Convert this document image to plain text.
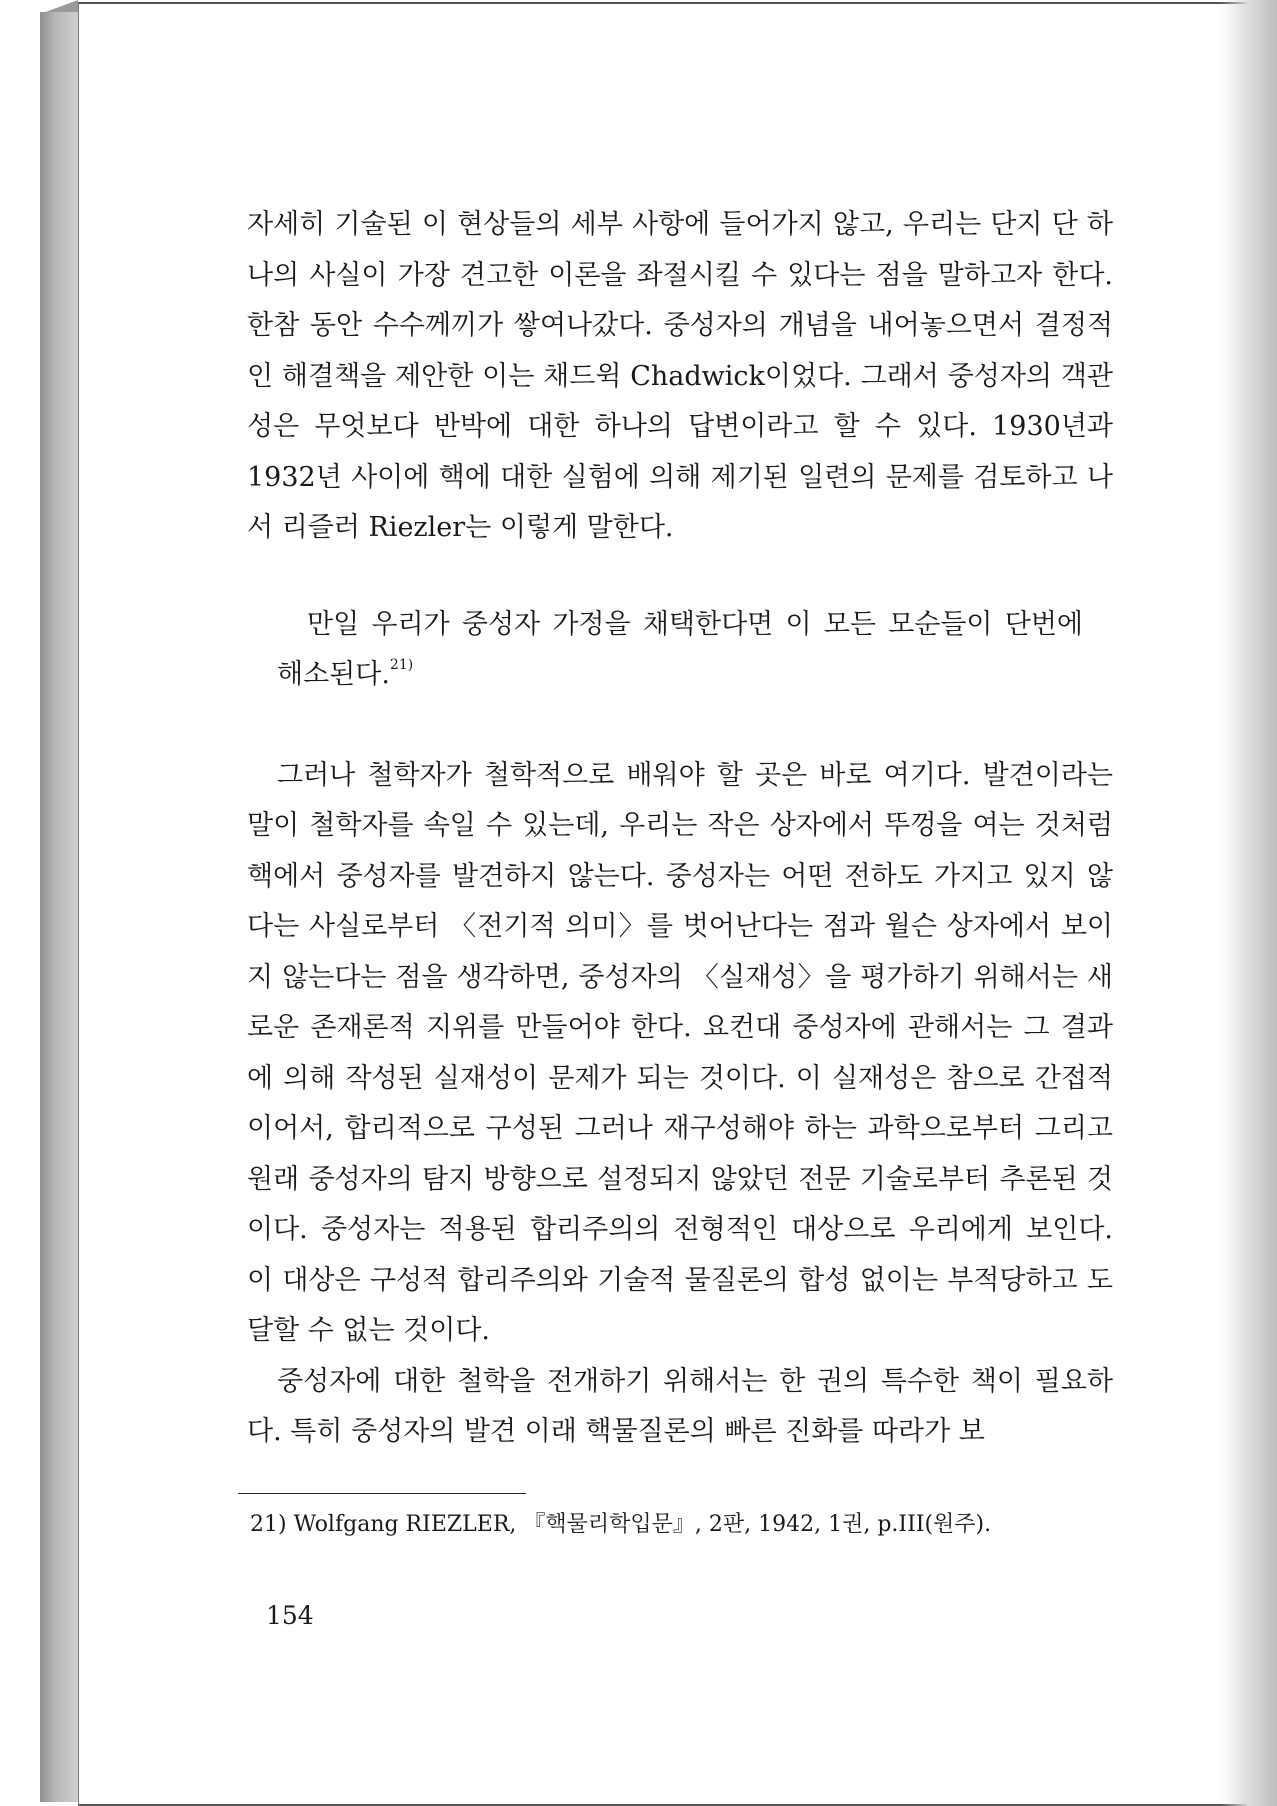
자세히 기술된 이 현상들의 세부 사항에 들어가지 않고, 우리는 단지 단 하나의 사실이 가장 견고한 이론을 좌절시킬 수 있다는 점을 말하고자 한다. 한참 동안 수수께끼가 쌓여나갔다. 중성자의 개념을 내어놓으면서 결정적인 해결책을 제안한 이는 채드윅 Chadwick이었다. 그래서 중성자의 객관성은 무엇보다 반박에 대한 하나의 답변이라고 할 수 있다. 1930년과 1932년 사이에 핵에 대한 실험에 의해 제기된 일련의 문제를 검토하고 나서 리즐러 Riezler는 이렇게 말한다.

만일 우리가 중성자 가정을 채택한다면 이 모든 모순들이 단번에 해소된다.$^{21)}$

그러나 철학자가 철학적으로 배워야 할 곳은 바로 여기다. 발견이라는 말이 철학자를 속일 수 있는데, 우리는 작은 상자에서 뚜껑을 여는 것처럼 핵에서 중성자를 발견하지 않는다. 중성자는 어떤 전하도 가지고 있지 않다는 사실로부터 〈전기적 의미〉를 벗어난다는 점과 월슨 상자에서 보이지 않는다는 점을 생각하면, 중성자의 〈실재성〉을 평가하기 위해서는 새로운 존재론적 지위를 만들어야 한다. 요컨대 중성자에 관해서는 그 결과에 의해 작성된 실재성이 문제가 되는 것이다. 이 실재성은 참으로 간접적이어서, 합리적으로 구성된 그러나 재구성해야 하는 과학으로부터 그리고 원래 중성자의 탐지 방향으로 설정되지 않았던 전문 기술로부터 추론된 것이다. 중성자는 적용된 합리주의의 전형적인 대상으로 우리에게 보인다. 이 대상은 구성적 합리주의와 기술적 물질론의 합성 없이는 부적당하고 도달할 수 없는 것이다.

중성자에 대한 철학을 전개하기 위해서는 한 권의 특수한 책이 필요하다. 특히 중성자의 발견 이래 핵물질론의 빠른 진화를 따라가 보

21) Wolfgang RIEZLER, 『핵물리학입문』, 2판, 1942, 1권, p.III(원주).
154
